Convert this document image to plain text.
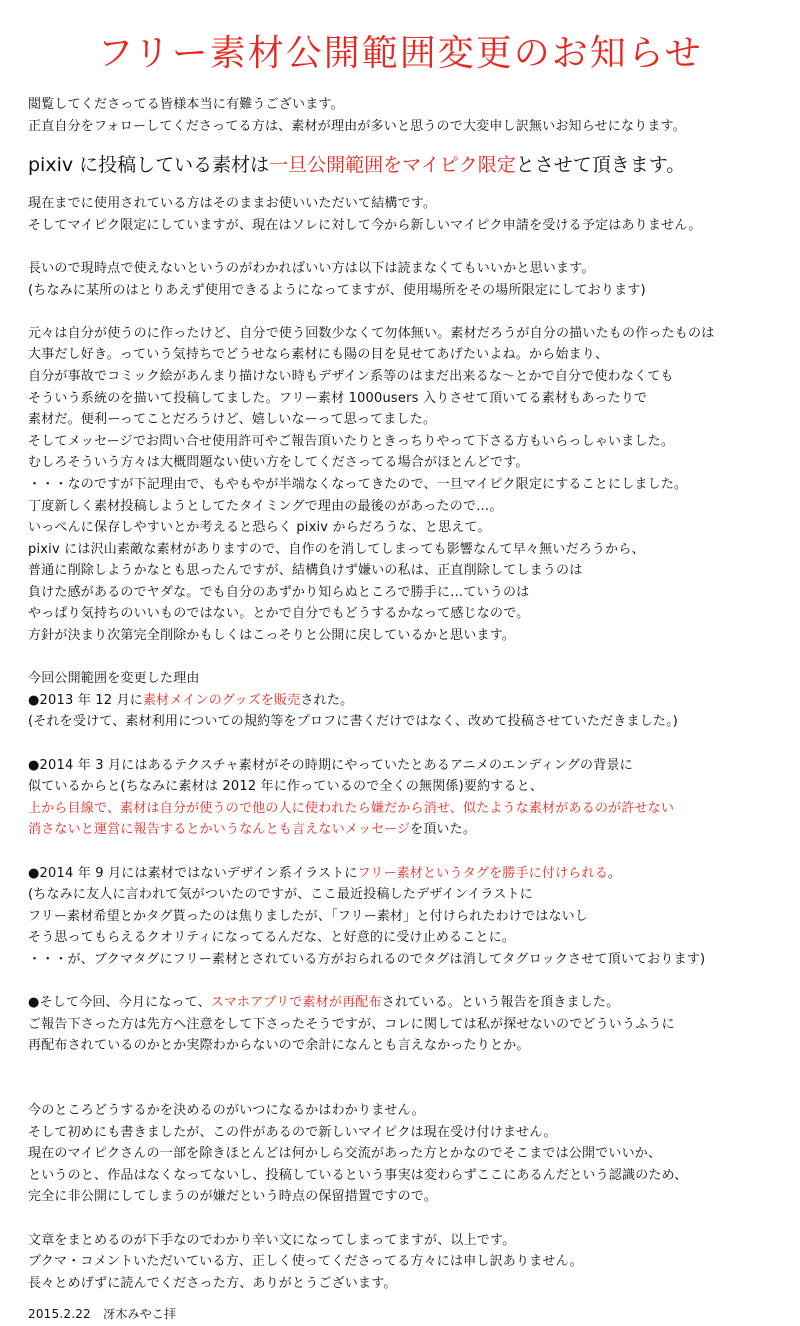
フリー素材公開範囲変更のお知らせ
閲覧してくださってる皆様本当に有難うございます。
正直自分をフォローしてくださってる方は、素材が理由が多いと思うので大変申し訳無いお知らせになります。
pixiv に投稿している素材は一旦公開範囲をマイピク限定とさせて頂きます。
現在までに使用されている方はそのままお使いいただいて結構です。
そしてマイピク限定にしていますが、現在はソレに対して今から新しいマイピク申請を受ける予定はありません。
長いので現時点で使えないというのがわかればいい方は以下は読まなくてもいいかと思います。
(ちなみに某所のはとりあえず使用できるようになってますが、使用場所をその場所限定にしております)
元々は自分が使うのに作ったけど、自分で使う回数少なくて勿体無い。素材だろうが自分の描いたもの作ったものは
大事だし好き。っていう気持ちでどうせなら素材にも陽の目を見せてあげたいよね。から始まり、
自分が事故でコミック絵があんまり描けない時もデザイン系等のはまだ出来るな〜とかで自分で使わなくても
そういう系統のを描いて投稿してました。フリー素材 1000users 入りさせて頂いてる素材もあったりで
素材だ。便利ーってことだろうけど、嬉しいなーって思ってました。
そしてメッセージでお問い合せ使用許可やご報告頂いたりときっちりやって下さる方もいらっしゃいました。
むしろそういう方々は大概問題ない使い方をしてくださってる場合がほとんどです。
・・・なのですが下記理由で、もやもやが半端なくなってきたので、一旦マイピク限定にすることにしました。
丁度新しく素材投稿しようとしてたタイミングで理由の最後のがあったので…。
いっぺんに保存しやすいとか考えると恐らく pixiv からだろうな、と思えて。
pixiv には沢山素敵な素材がありますので、自作のを消してしまっても影響なんて早々無いだろうから、
普通に削除しようかなとも思ったんですが、結構負けず嫌いの私は、正直削除してしまうのは
負けた感があるのでヤダな。でも自分のあずかり知らぬところで勝手に…ていうのは
やっぱり気持ちのいいものではない。とかで自分でもどうするかなって感じなので。
方針が決まり次第完全削除かもしくはこっそりと公開に戻しているかと思います。
今回公開範囲を変更した理由
●2013 年 12 月に素材メインのグッズを販売された。
(それを受けて、素材利用についての規約等をプロフに書くだけではなく、改めて投稿させていただきました。)
●2014 年 3 月にはあるテクスチャ素材がその時期にやっていたとあるアニメのエンディングの背景に
似ているからと(ちなみに素材は 2012 年に作っているので全くの無関係)要約すると、
上から目線で、素材は自分が使うので他の人に使われたら嫌だから消せ、似たような素材があるのが許せない
消さないと運営に報告するとかいうなんとも言えないメッセージを頂いた。
●2014 年 9 月には素材ではないデザイン系イラストにフリー素材というタグを勝手に付けられる。
(ちなみに友人に言われて気がついたのですが、ここ最近投稿したデザインイラストに
フリー素材希望とかタグ貰ったのは焦りましたが、「フリー素材」と付けられたわけではないし
そう思ってもらえるクオリティになってるんだな、と好意的に受け止めることに。
・・・が、ブクマタグにフリー素材とされている方がおられるのでタグは消してタグロックさせて頂いております)
●そして今回、今月になって、スマホアプリで素材が再配布されている。という報告を頂きました。
ご報告下さった方は先方へ注意をして下さったそうですが、コレに関しては私が探せないのでどういうふうに
再配布されているのかとか実際わからないので余計になんとも言えなかったりとか。
今のところどうするかを決めるのがいつになるかはわかりません。
そして初めにも書きましたが、この件があるので新しいマイピクは現在受け付けません。
現在のマイピクさんの一部を除きほとんどは何かしら交流があった方とかなのでそこまでは公開でいいか、
というのと、作品はなくなってないし、投稿しているという事実は変わらずここにあるんだという認識のため、
完全に非公開にしてしまうのが嫌だという時点の保留措置ですので。
文章をまとめるのが下手なのでわかり辛い文になってしまってますが、以上です。
ブクマ・コメントいただいている方、正しく使ってくださってる方々には申し訳ありません。
長々とめげずに読んでくださった方、ありがとうございます。
2015.2.22　冴木みやこ拝
